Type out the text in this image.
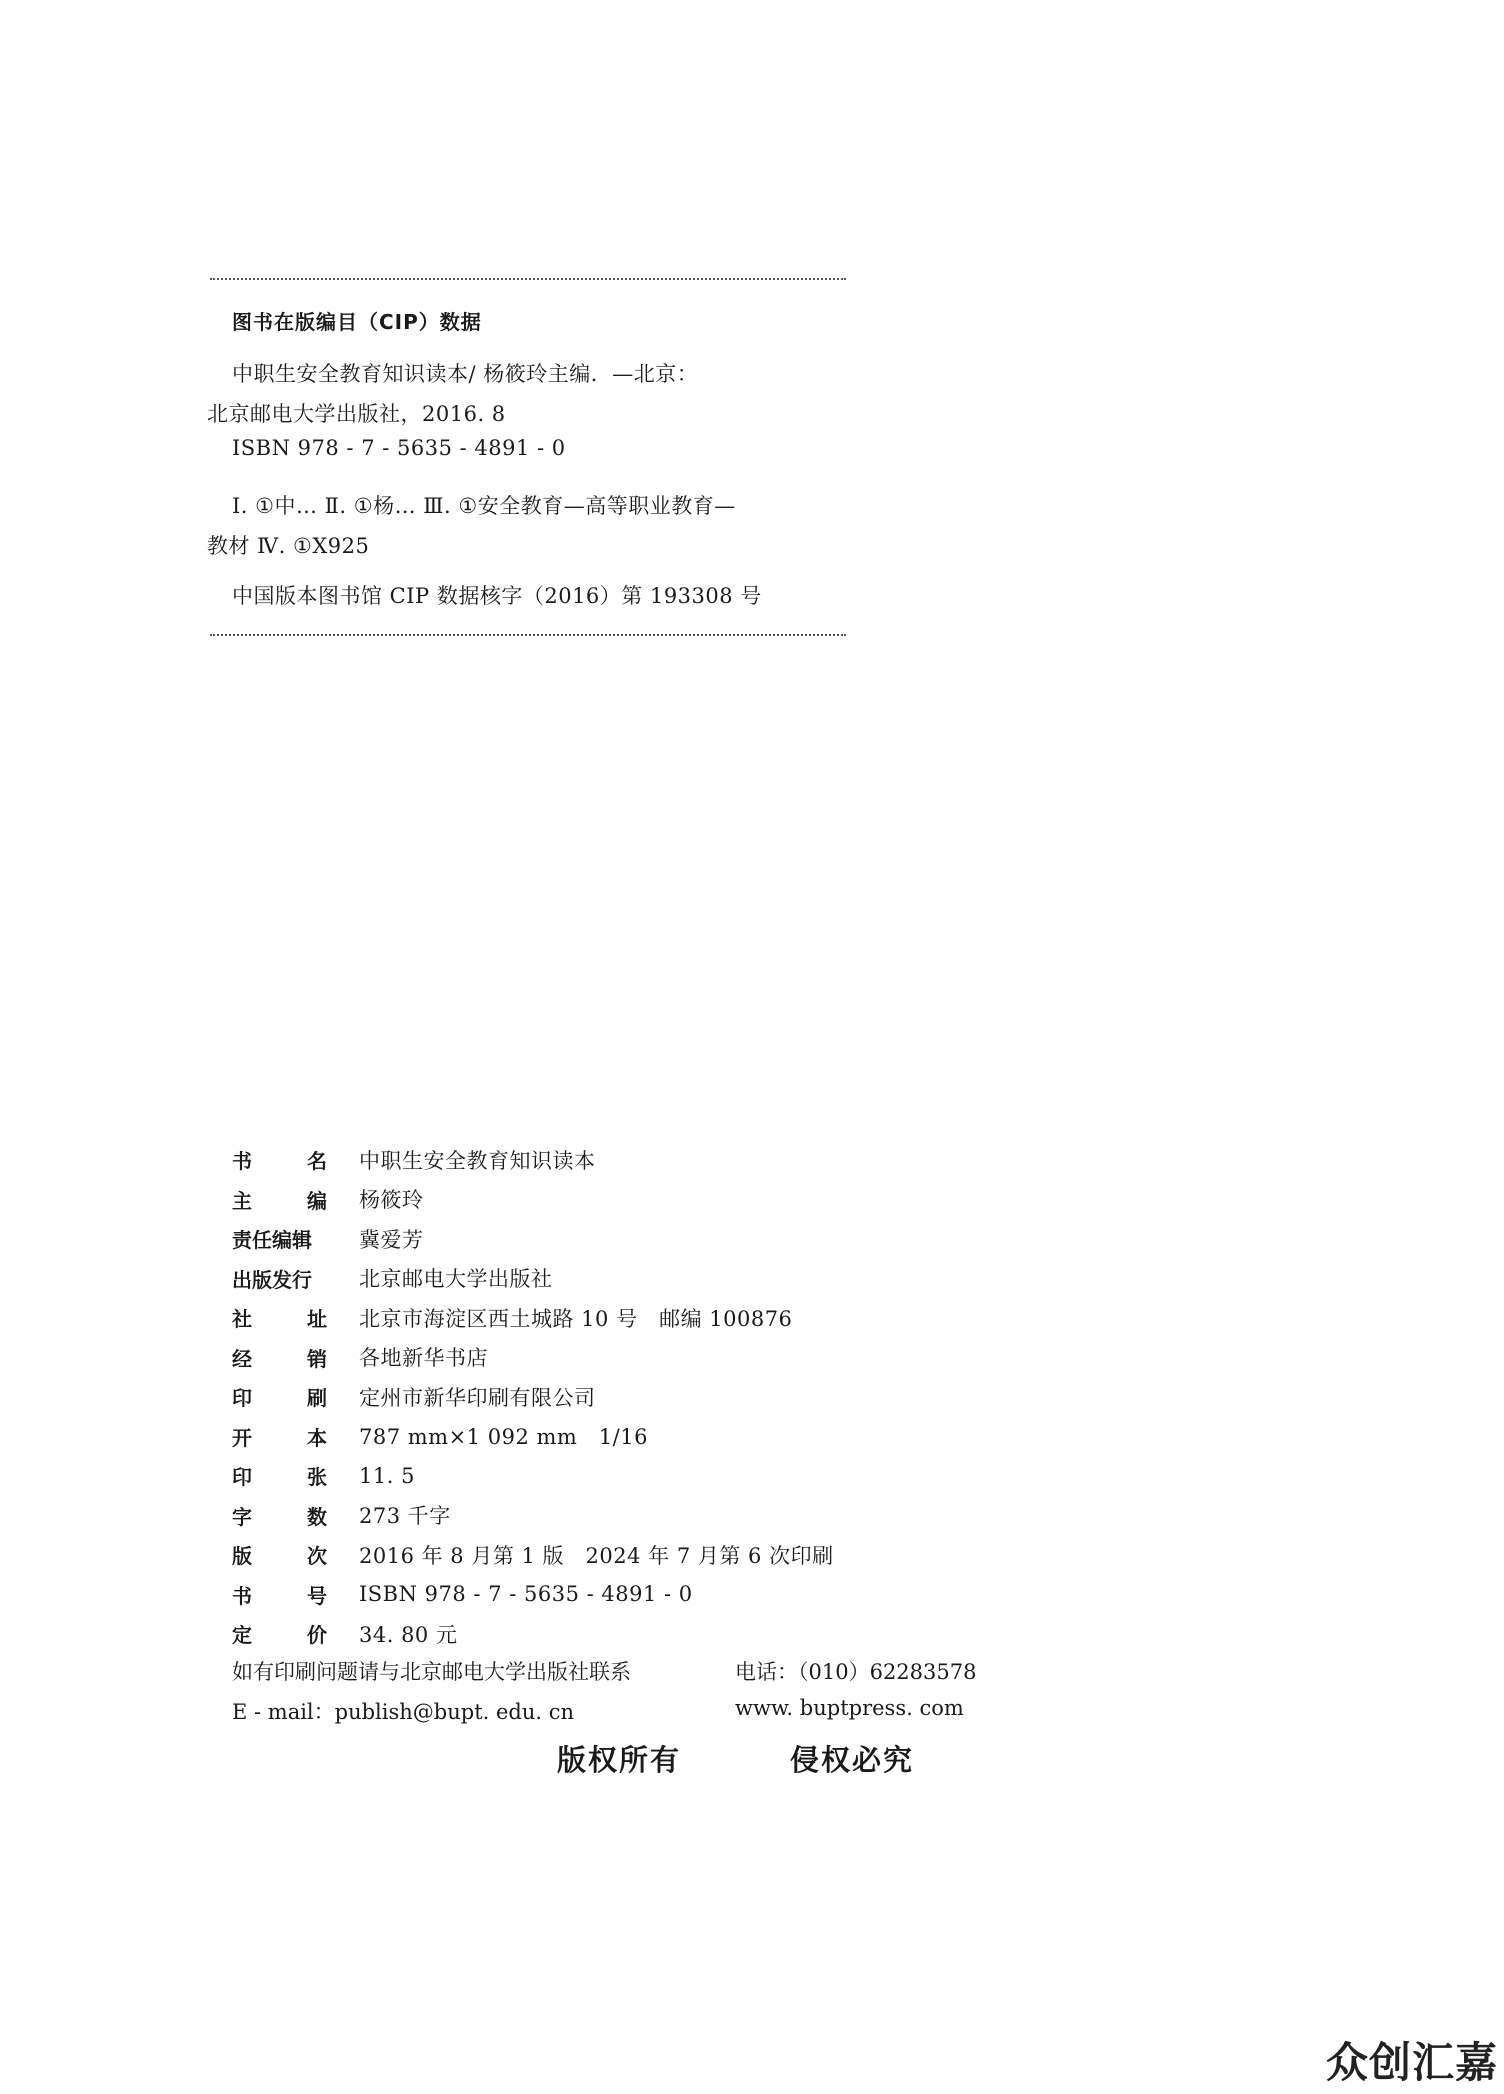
图书在版编目（CIP）数据
中职生安全教育知识读本/ 杨筱玲主编．—北京：
北京邮电大学出版社，2016. 8
ISBN 978 - 7 - 5635 - 4891 - 0
Ⅰ. ①中… Ⅱ. ①杨… Ⅲ. ①安全教育—高等职业教育—
教材 Ⅳ. ①X925
中国版本图书馆 CIP 数据核字（2016）第 193308 号
书	名 中职生安全教育知识读本
主	编 杨筱玲
责任编辑 冀爱芳
出版发行 北京邮电大学出版社
社	址 北京市海淀区西土城路 10 号　邮编 100876
经	销 各地新华书店
印	刷 定州市新华印刷有限公司
开	本 787 mm×1 092 mm　1/16
印	张 11. 5
字	数 273 千字
版	次 2016 年 8 月第 1 版　2024 年 7 月第 6 次印刷
书	号 ISBN 978 - 7 - 5635 - 4891 - 0
定	价 34. 80 元
如有印刷问题请与北京邮电大学出版社联系	电话：（010）62283578
E - mail：publish@bupt. edu. cn	www. buptpress. com
版权所有	侵权必究
众创汇嘉
